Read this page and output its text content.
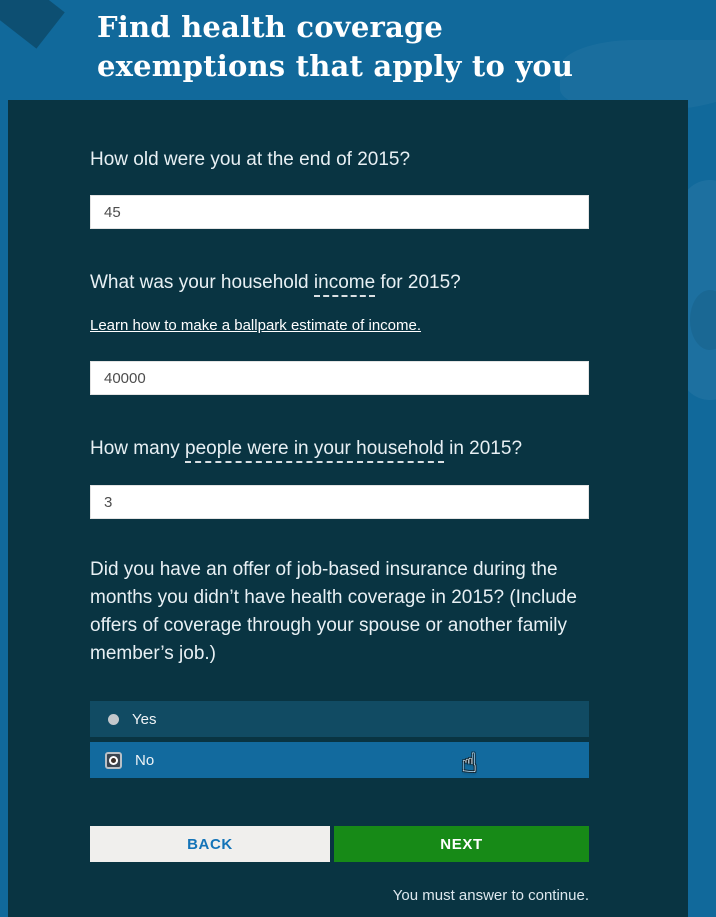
Find health coverage
exemptions that apply to you
How old were you at the end of 2015?
45
What was your household income for 2015?
Learn how to make a ballpark estimate of income.
40000
How many people were in your household in 2015?
3
Did you have an offer of job-based insurance during the months you didn’t have health coverage in 2015? (Include offers of coverage through your spouse or another family member’s job.)
Yes
No
BACK	NEXT
You must answer to continue.
☝
